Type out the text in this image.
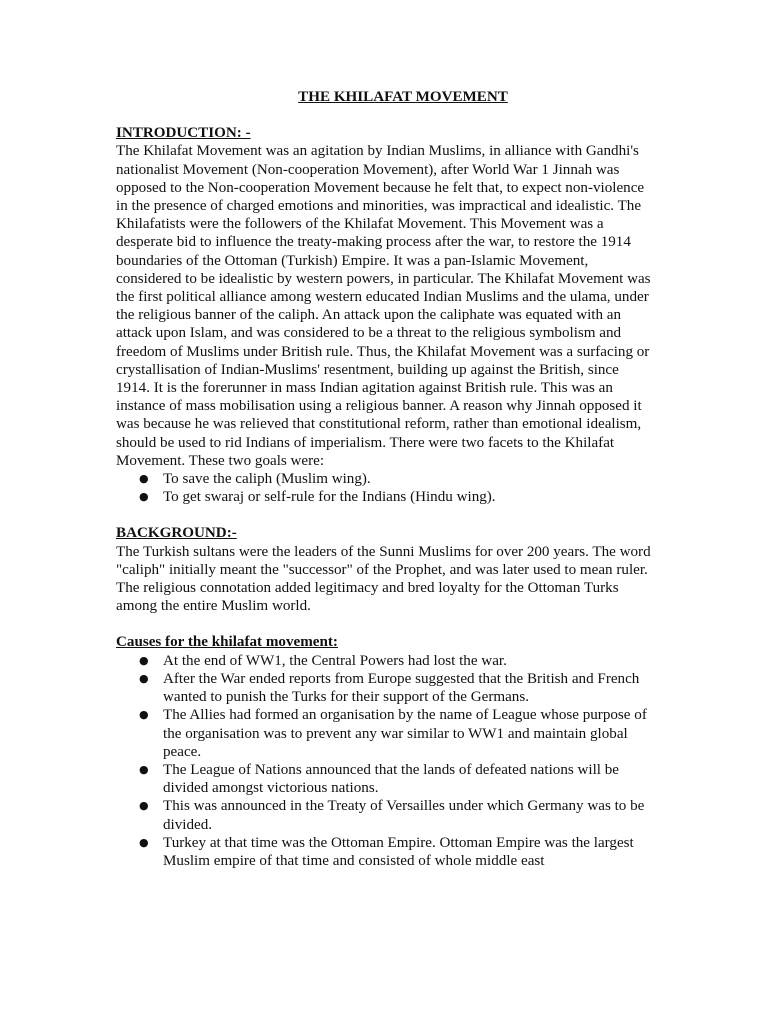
THE KHILAFAT MOVEMENT
INTRODUCTION: -

The Khilafat Movement was an agitation by Indian Muslims, in alliance with Gandhi's nationalist Movement (Non-cooperation Movement), after World War 1 Jinnah was opposed to the Non-cooperation Movement because he felt that, to expect non-violence in the presence of charged emotions and minorities, was impractical and idealistic. The Khilafatists were the followers of the Khilafat Movement. This Movement was a desperate bid to influence the treaty-making process after the war, to restore the 1914 boundaries of the Ottoman (Turkish) Empire. It was a pan-Islamic Movement, considered to be idealistic by western powers, in particular. The Khilafat Movement was the first political alliance among western educated Indian Muslims and the ulama, under the religious banner of the caliph. An attack upon the caliphate was equated with an attack upon Islam, and was considered to be a threat to the religious symbolism and freedom of Muslims under British rule. Thus, the Khilafat Movement was a surfacing or crystallisation of Indian-Muslims' resentment, building up against the British, since 1914. It is the forerunner in mass Indian agitation against British rule. This was an instance of mass mobilisation using a religious banner. A reason why Jinnah opposed it was because he was relieved that constitutional reform, rather than emotional idealism, should be used to rid Indians of imperialism. There were two facets to the Khilafat Movement. These two goals were:

● To save the caliph (Muslim wing).
● To get swaraj or self-rule for the Indians (Hindu wing).
BACKGROUND:-

The Turkish sultans were the leaders of the Sunni Muslims for over 200 years. The word "caliph" initially meant the "successor" of the Prophet, and was later used to mean ruler. The religious connotation added legitimacy and bred loyalty for the Ottoman Turks among the entire Muslim world.

Causes for the khilafat movement:
● At the end of WW1, the Central Powers had lost the war.
● After the War ended reports from Europe suggested that the British and French wanted to punish the Turks for their support of the Germans.
● The Allies had formed an organisation by the name of League whose purpose of the organisation was to prevent any war similar to WW1 and maintain global peace.
● The League of Nations announced that the lands of defeated nations will be divided amongst victorious nations.
● This was announced in the Treaty of Versailles under which Germany was to be divided.
● Turkey at that time was the Ottoman Empire. Ottoman Empire was the largest Muslim empire of that time and consisted of whole middle east
